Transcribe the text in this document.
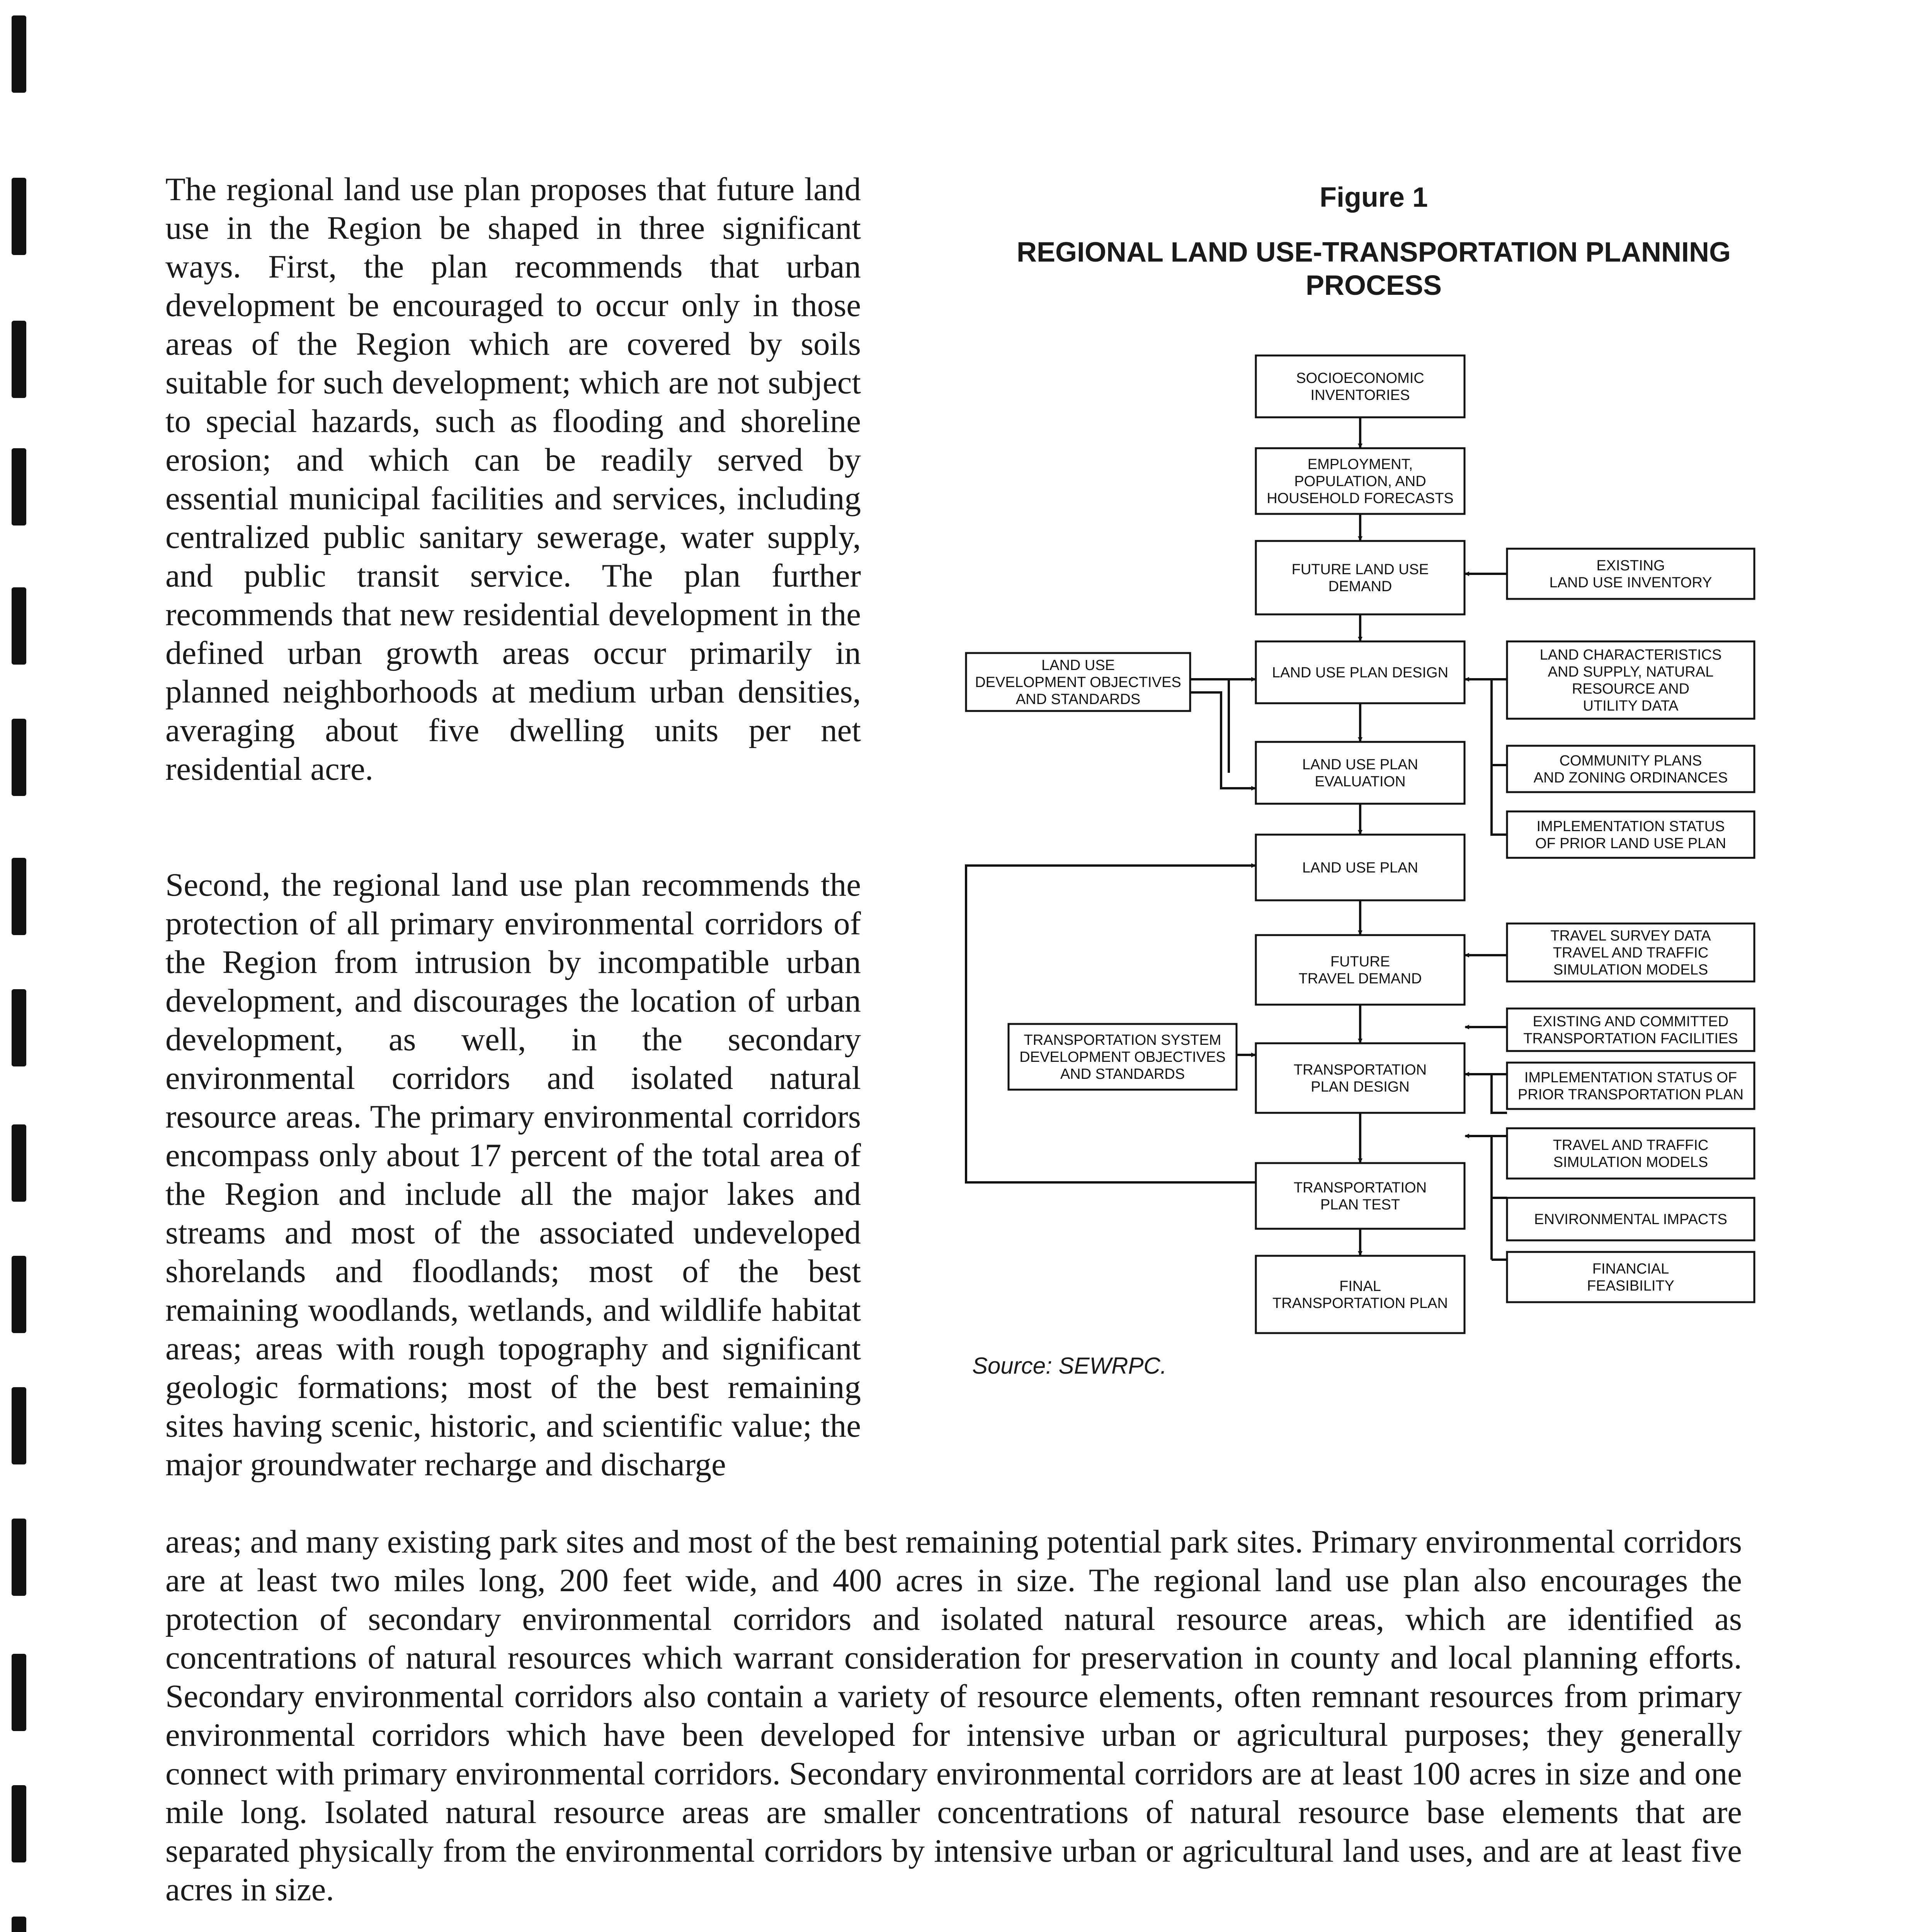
The regional land use plan proposes that future land use in the Region be shaped in three significant ways. First, the plan recommends that urban development be encouraged to occur only in those areas of the Region which are covered by soils suitable for such development; which are not subject to special hazards, such as flooding and shoreline erosion; and which can be readily served by essential municipal facilities and services, including centralized public sanitary sewerage, water supply, and public transit service. The plan further recommends that new residential development in the defined urban growth areas occur primarily in planned neighborhoods at medium urban densities, averaging about five dwelling units per net residential acre.

Second, the regional land use plan recommends the protection of all primary environmental corridors of the Region from intrusion by incompatible urban development, and discourages the location of urban development, as well, in the secondary environmental corridors and isolated natural resource areas. The primary environmental corridors encompass only about 17 percent of the total area of the Region and include all the major lakes and streams and most of the associated undeveloped shorelands and floodlands; most of the best remaining woodlands, wetlands, and wildlife habitat areas; areas with rough topography and significant geologic formations; most of the best remaining sites having scenic, historic, and scientific value; the major groundwater recharge and discharge

areas; and many existing park sites and most of the best remaining potential park sites. Primary environmental corridors are at least two miles long, 200 feet wide, and 400 acres in size. The regional land use plan also encourages the protection of secondary environmental corridors and isolated natural resource areas, which are identified as concentrations of natural resources which warrant consideration for preservation in county and local planning efforts. Secondary environmental corridors also contain a variety of resource elements, often remnant resources from primary environmental corridors which have been developed for intensive urban or agricultural purposes; they generally connect with primary environmental corridors. Secondary environmental corridors are at least 100 acres in size and one mile long. Isolated natural resource areas are smaller concentrations of natural resource base elements that are separated physically from the environmental corridors by intensive urban or agricultural land uses, and are at least five acres in size.

Figure 1

REGIONAL LAND USE-TRANSPORTATION PLANNING PROCESS

SOCIOECONOMIC INVENTORIES
EMPLOYMENT, POPULATION, AND HOUSEHOLD FORECASTS
FUTURE LAND USE DEMAND
EXISTING LAND USE INVENTORY
LAND USE DEVELOPMENT OBJECTIVES AND STANDARDS
LAND USE PLAN DESIGN
LAND CHARACTERISTICS AND SUPPLY, NATURAL RESOURCE AND UTILITY DATA
LAND USE PLAN EVALUATION
COMMUNITY PLANS AND ZONING ORDINANCES
IMPLEMENTATION STATUS OF PRIOR LAND USE PLAN
LAND USE PLAN
TRAVEL SURVEY DATA TRAVEL AND TRAFFIC SIMULATION MODELS
FUTURE TRAVEL DEMAND
EXISTING AND COMMITTED TRANSPORTATION FACILITIES
TRANSPORTATION SYSTEM DEVELOPMENT OBJECTIVES AND STANDARDS	TRANSPORTATION PLAN DESIGN
IMPLEMENTATION STATUS OF PRIOR TRANSPORTATION PLAN
TRAVEL AND TRAFFIC SIMULATION MODELS
TRANSPORTATION PLAN TEST
ENVIRONMENTAL IMPACTS
FINANCIAL FEASIBILITY
FINAL TRANSPORTATION PLAN

Source: SEWRPC.
